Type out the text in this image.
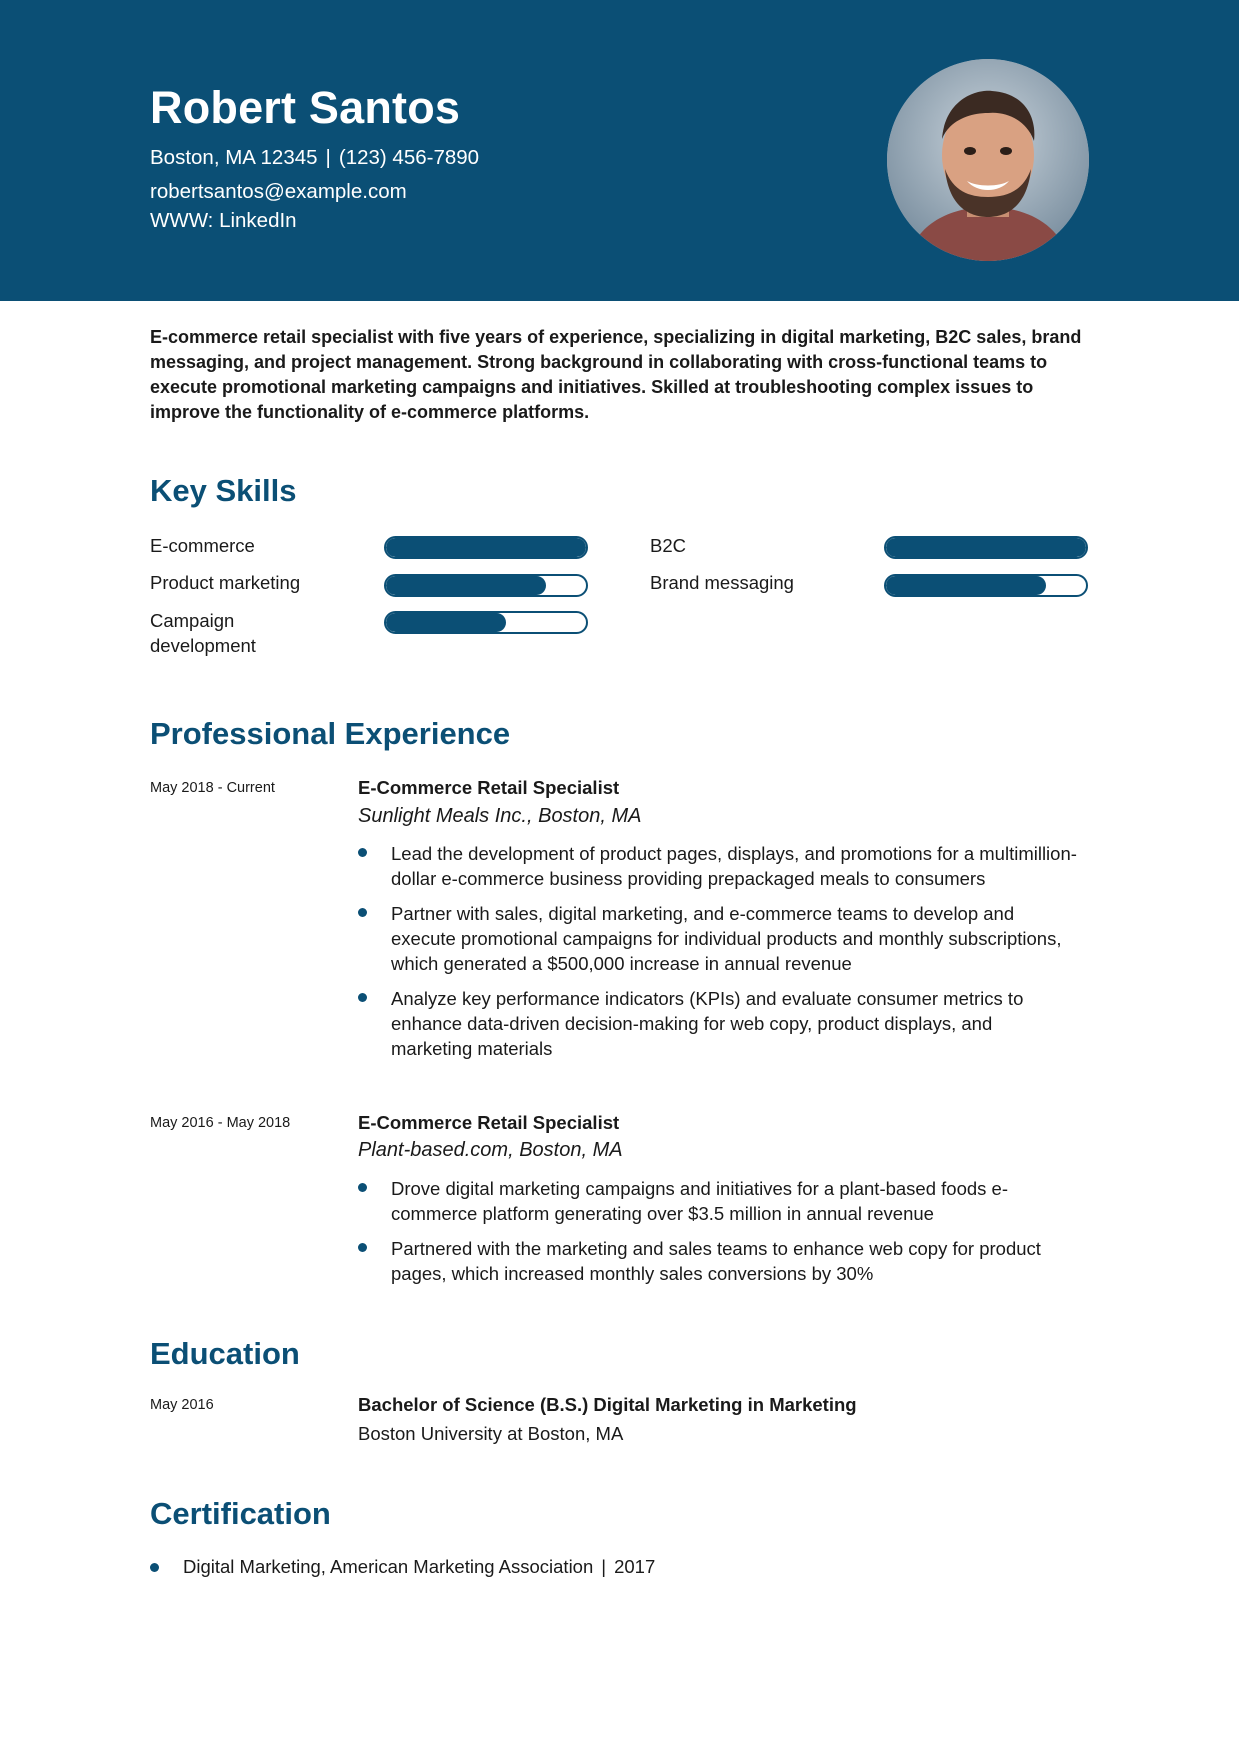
Robert Santos
Boston, MA 12345 | (123) 456-7890
robertsantos@example.com
WWW: LinkedIn
E-commerce retail specialist with five years of experience, specializing in digital marketing, B2C sales, brand messaging, and project management. Strong background in collaborating with cross-functional teams to execute promotional marketing campaigns and initiatives. Skilled at troubleshooting complex issues to improve the functionality of e-commerce platforms.
Key Skills
E-commerce	B2C
Product marketing	Brand messaging
Campaign development
Professional Experience
May 2018 - Current	E-Commerce Retail Specialist
Sunlight Meals Inc., Boston, MA
Lead the development of product pages, displays, and promotions for a multimillion-dollar e-commerce business providing prepackaged meals to consumers
Partner with sales, digital marketing, and e-commerce teams to develop and execute promotional campaigns for individual products and monthly subscriptions, which generated a $500,000 increase in annual revenue
Analyze key performance indicators (KPIs) and evaluate consumer metrics to enhance data-driven decision-making for web copy, product displays, and marketing materials
May 2016 - May 2018	E-Commerce Retail Specialist
Plant-based.com, Boston, MA
Drove digital marketing campaigns and initiatives for a plant-based foods e-commerce platform generating over $3.5 million in annual revenue
Partnered with the marketing and sales teams to enhance web copy for product pages, which increased monthly sales conversions by 30%
Education
May 2016	Bachelor of Science (B.S.) Digital Marketing in Marketing
Boston University at Boston, MA
Certification
Digital Marketing, American Marketing Association | 2017
